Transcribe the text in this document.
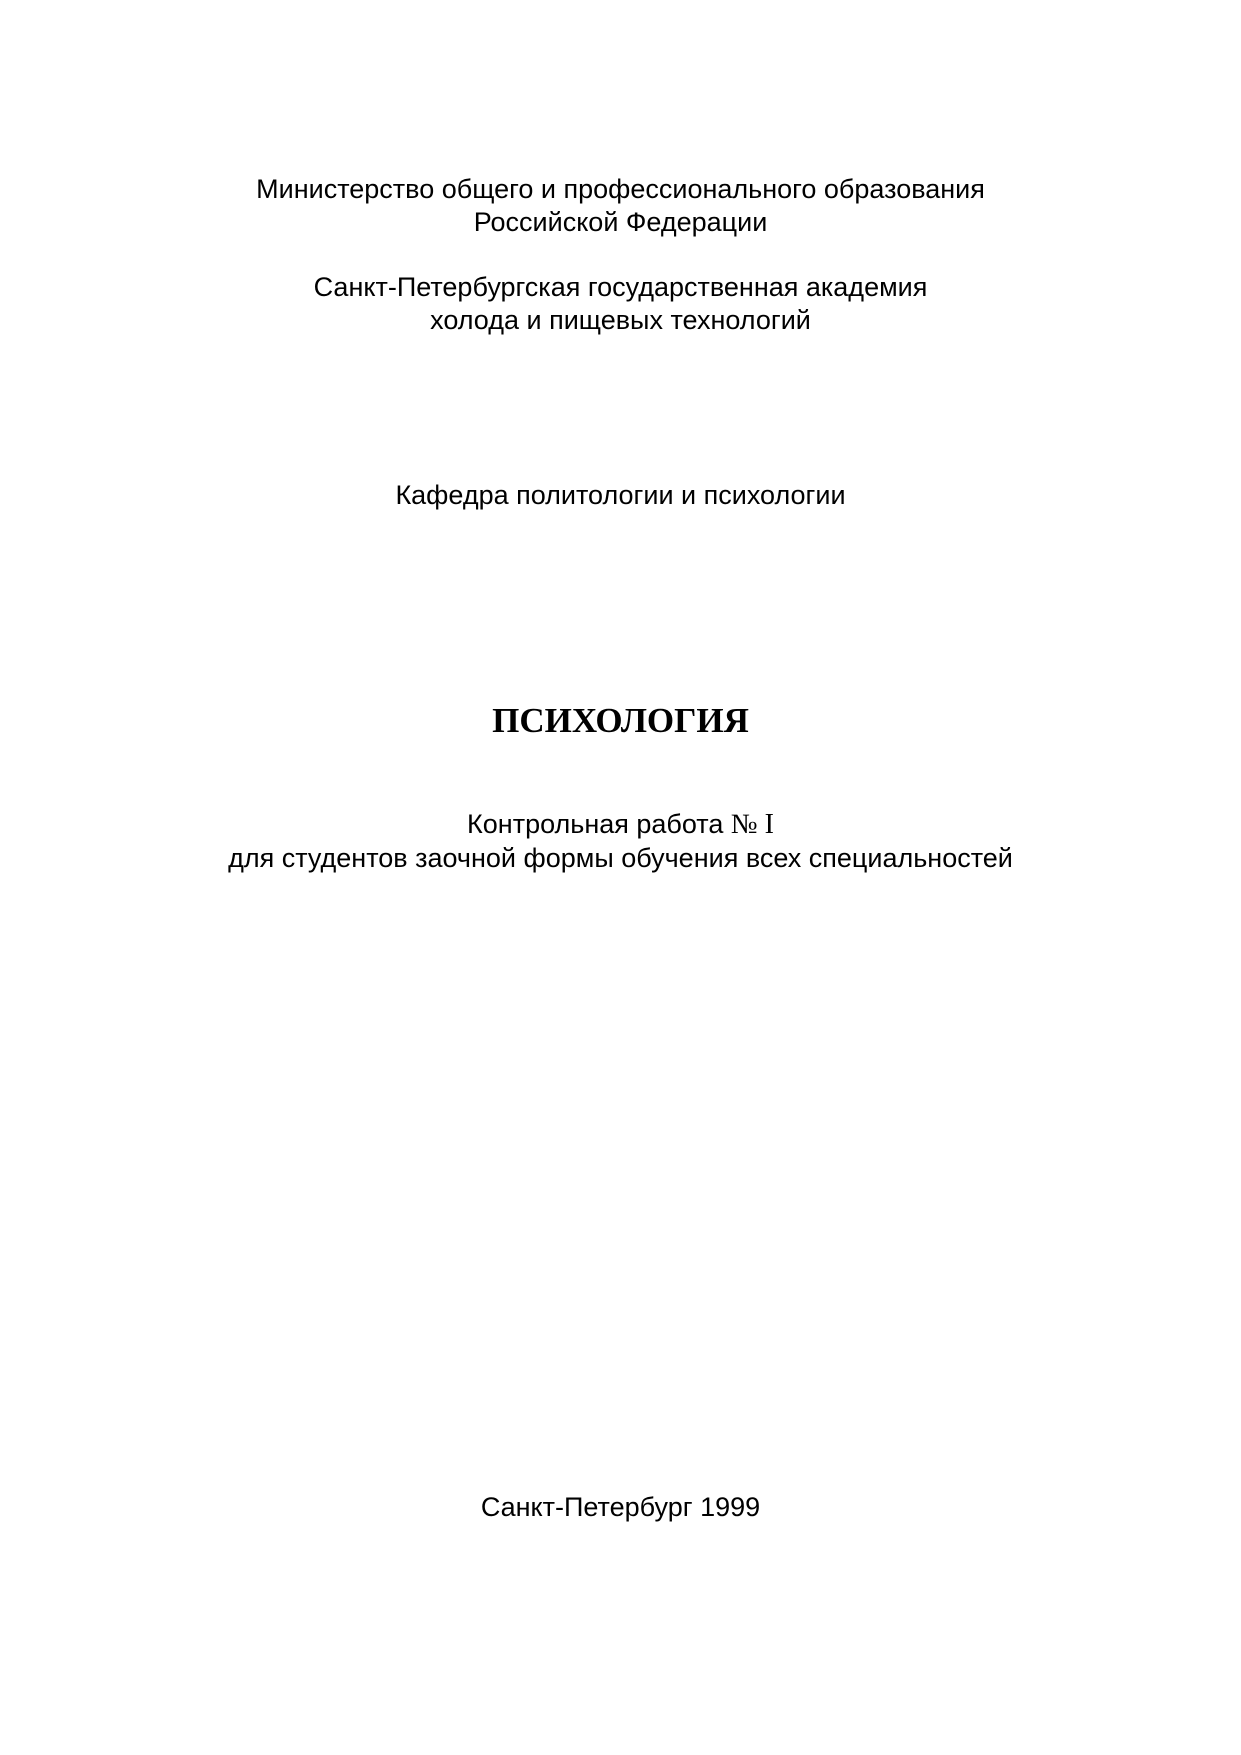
Министерство общего и профессионального образования
Российской Федерации
Санкт-Петербургская государственная академия
холода и пищевых технологий
Кафедра политологии и психологии
ПСИХОЛОГИЯ
Контрольная работа № I
для студентов заочной формы обучения всех специальностей
Санкт-Петербург 1999
